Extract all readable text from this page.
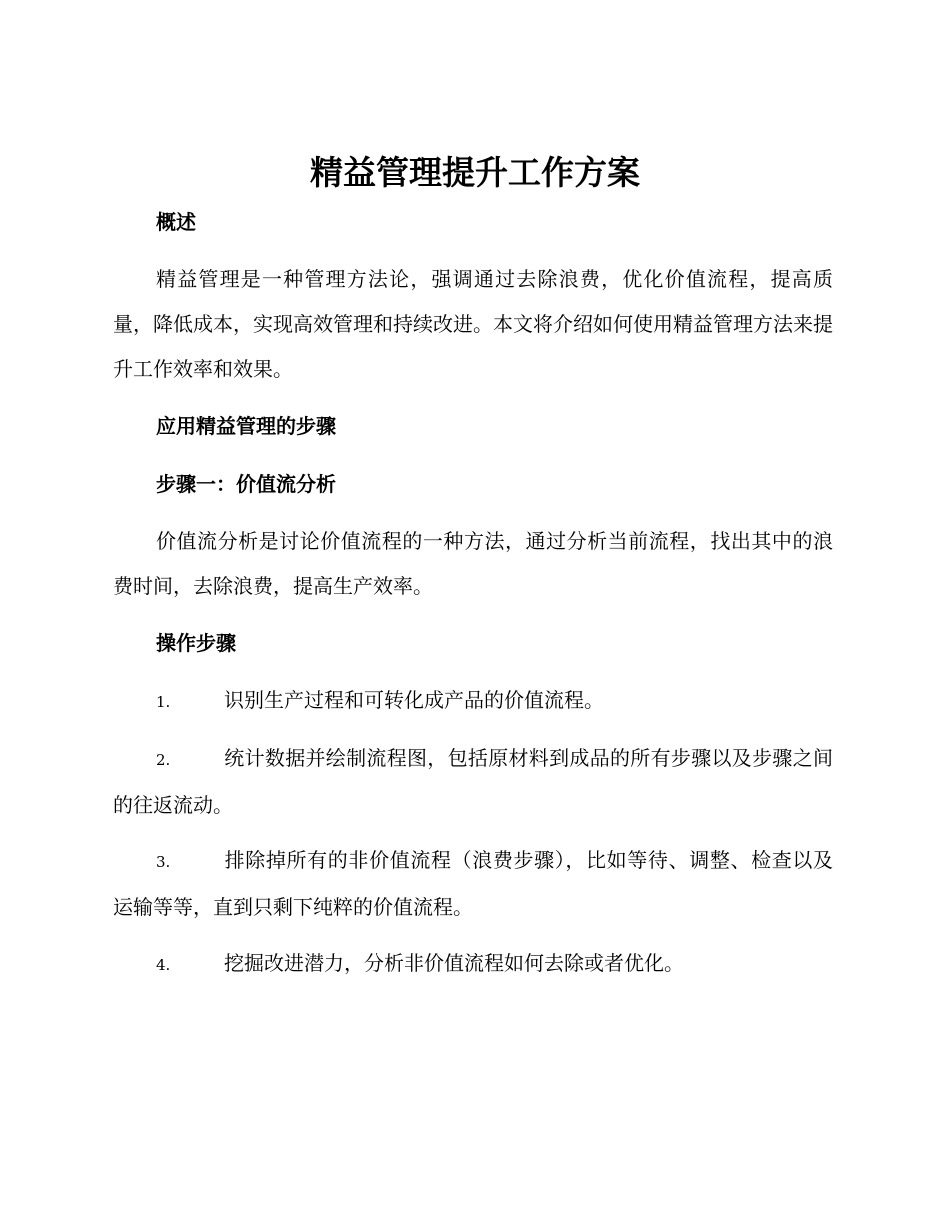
精益管理提升工作方案
概述
精益管理是一种管理方法论，强调通过去除浪费，优化价值流程，提高质量，降低成本，实现高效管理和持续改进。本文将介绍如何使用精益管理方法来提升工作效率和效果。
应用精益管理的步骤
步骤一：价值流分析
价值流分析是讨论价值流程的一种方法，通过分析当前流程，找出其中的浪费时间，去除浪费，提高生产效率。
操作步骤
1.	识别生产过程和可转化成产品的价值流程。
2.	统计数据并绘制流程图，包括原材料到成品的所有步骤以及步骤之间的往返流动。
3.	排除掉所有的非价值流程（浪费步骤），比如等待、调整、检查以及运输等等，直到只剩下纯粹的价值流程。
4.	挖掘改进潜力，分析非价值流程如何去除或者优化。
